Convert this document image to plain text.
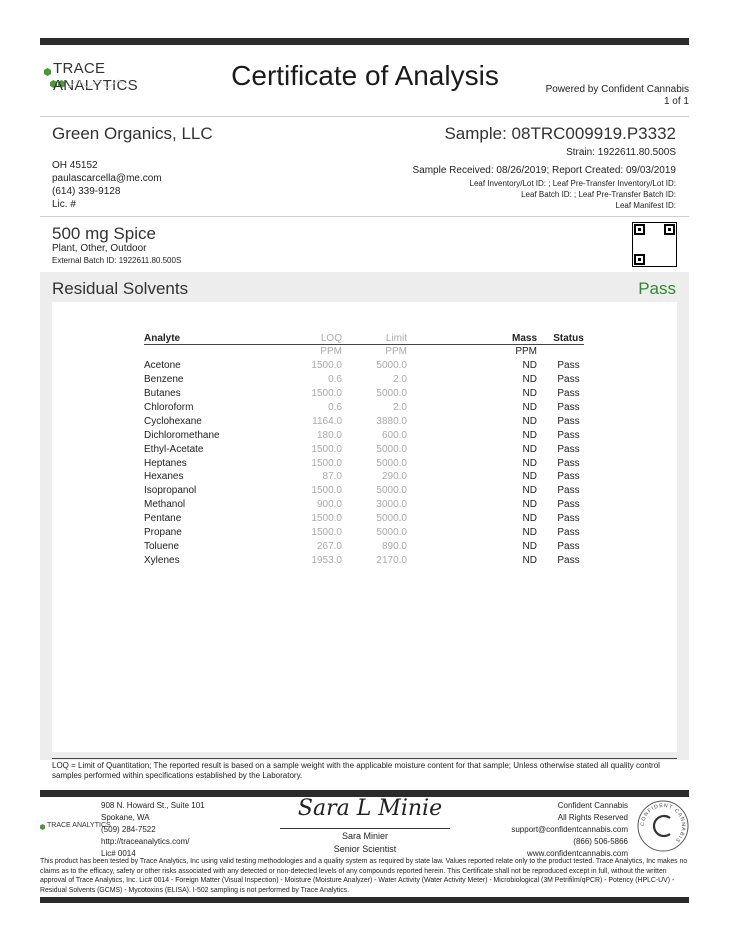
TRACE ANALYTICS	Certificate of Analysis	Powered by Confident Cannabis
1 of 1
Green Organics, LLC
OH 45152
paulascarcella@me.com
(614) 339-9128
Lic. #
Sample: 08TRC009919.P3332
Strain: 1922611.80.500S
Sample Received: 08/26/2019; Report Created: 09/03/2019
Leaf Inventory/Lot ID: ; Leaf Pre-Transfer Inventory/Lot ID:
Leaf Batch ID: ; Leaf Pre-Transfer Batch ID:
Leaf Manifest ID:
500 mg Spice
Plant, Other, Outdoor
External Batch ID: 1922611.80.500S
Residual Solvents	Pass
Analyte	LOQ	Limit	Mass	Status
	PPM	PPM	PPM	
Acetone	1500.0	5000.0	ND	Pass
Benzene	0.6	2.0	ND	Pass
Butanes	1500.0	5000.0	ND	Pass
Chloroform	0.6	2.0	ND	Pass
Cyclohexane	1164.0	3880.0	ND	Pass
Dichloromethane	180.0	600.0	ND	Pass
Ethyl-Acetate	1500.0	5000.0	ND	Pass
Heptanes	1500.0	5000.0	ND	Pass
Hexanes	87.0	290.0	ND	Pass
Isopropanol	1500.0	5000.0	ND	Pass
Methanol	900.0	3000.0	ND	Pass
Pentane	1500.0	5000.0	ND	Pass
Propane	1500.0	5000.0	ND	Pass
Toluene	267.0	890.0	ND	Pass
Xylenes	1953.0	2170.0	ND	Pass
LOQ = Limit of Quantitation; The reported result is based on a sample weight with the applicable moisture content for that sample; Unless otherwise stated all quality control samples performed within specifications established by the Laboratory.
TRACE ANALYTICS
908 N. Howard St., Suite 101
Spokane, WA
(509) 284-7522
http://traceanalytics.com/
Lic# 0014
Sara L Minie
Sara Minier
Senior Scientist
Confident Cannabis
All Rights Reserved
support@confidentcannabis.com
(866) 506-5866
www.confidentcannabis.com
CONFIDENT CANNABIS
This product has been tested by Trace Analytics, Inc using valid testing methodologies and a quality system as required by state law. Values reported relate only to the product tested. Trace Analytics, Inc makes no claims as to the efficacy, safety or other risks associated with any detected or non-detected levels of any compounds reported herein. This Certificate shall not be reproduced except in full, without the written approval of Trace Analytics, Inc. Lic# 0014 - Foreign Matter (Visual Inspection) - Moisture (Moisture Analyzer) - Water Activity (Water Activity Meter) - Microbiological (3M Petrifilm/qPCR) - Potency (HPLC-UV) - Residual Solvents (GCMS) - Mycotoxins (ELISA). I-502 sampling is not performed by Trace Analytics.
